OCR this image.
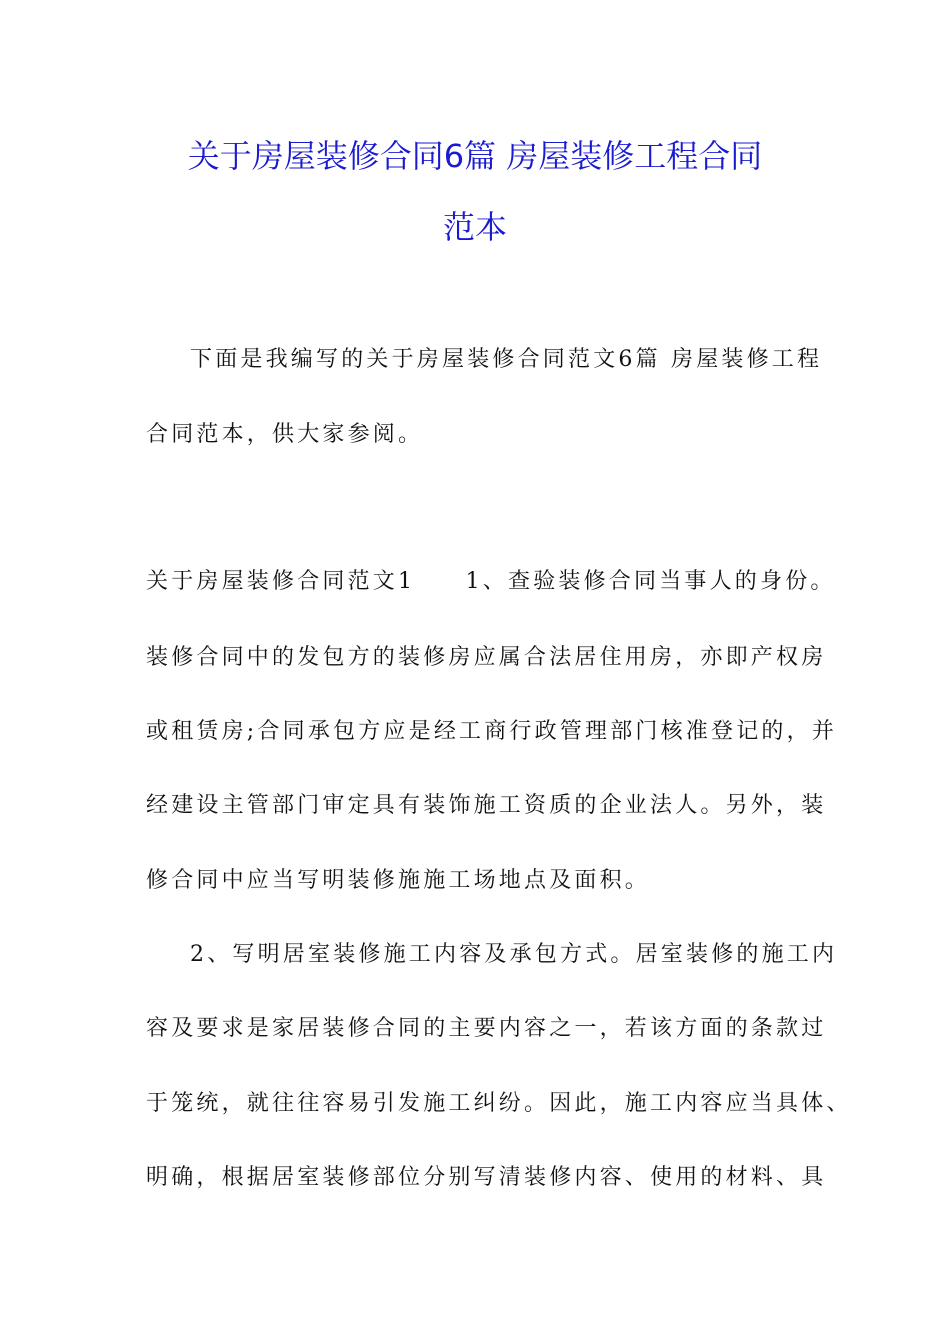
关于房屋装修合同6篇 房屋装修工程合同
范本

下面是我编写的关于房屋装修合同范文6篇 房屋装修工程

合同范本，供大家参阅。

关于房屋装修合同范文1　　1、查验装修合同当事人的身份。

装修合同中的发包方的装修房应属合法居住用房，亦即产权房

或租赁房;合同承包方应是经工商行政管理部门核准登记的，并

经建设主管部门审定具有装饰施工资质的企业法人。另外，装

修合同中应当写明装修施施工场地点及面积。

2、写明居室装修施工内容及承包方式。居室装修的施工内

容及要求是家居装修合同的主要内容之一，若该方面的条款过

于笼统，就往往容易引发施工纠纷。因此，施工内容应当具体、

明确，根据居室装修部位分别写清装修内容、使用的材料、具
